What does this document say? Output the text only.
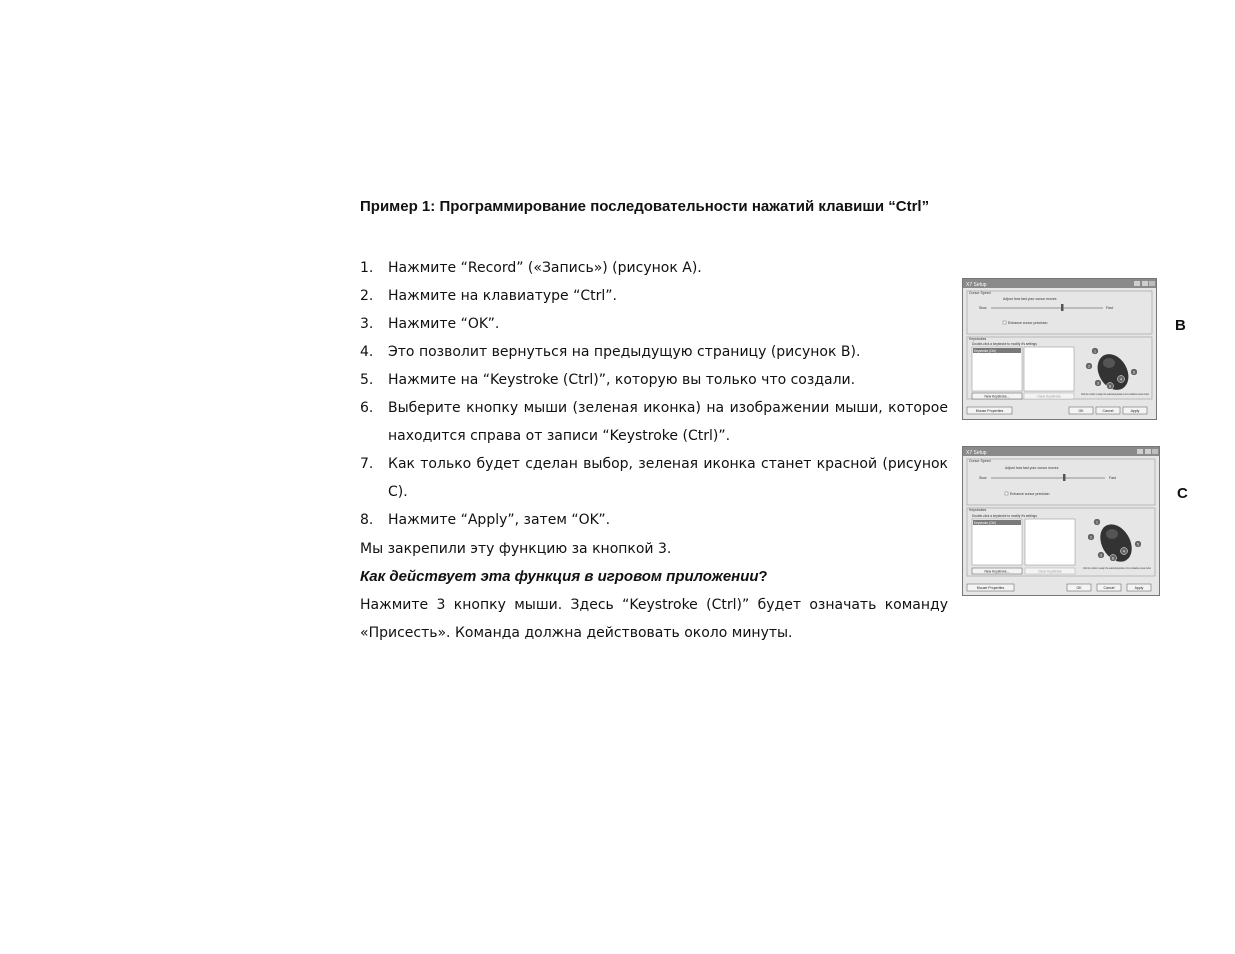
Пример 1: Программирование последовательности нажатий клавиши “Ctrl”
1.	Нажмите “Record” («Запись») (рисунок A).
2.	Нажмите на клавиатуре “Ctrl”.
3.	Нажмите “OK”.
4.	Это позволит вернуться на предыдущую страницу (рисунок B).
5.	Нажмите на “Keystroke (Ctrl)”, которую вы только что создали.
6.	Выберите кнопку мыши (зеленая иконка) на изображении мыши, которое находится справа от записи “Keystroke (Ctrl)”.
7.	Как только будет сделан выбор, зеленая иконка станет красной (рисунок C).
8.	Нажмите “Apply”, затем “OK”.
Мы закрепили эту функцию за кнопкой 3.
Как действует эта функция в игровом приложении?
Нажмите 3 кнопку мыши. Здесь “Keystroke (Ctrl)” будет означать команду «Присесть». Команда должна действовать около минуты.
X7 Setup
Cursor Speed
Adjust how fast your cursor moves
Slow	Fast
Enhance cursor precision
Keystrokes
Double-click a keystroke to modify it's settings
Keystroke (Ctrl)	1
2
3
4
5
6
Click the number to assign the selected keystroke to the correlative mouse button
New Keystroke...	Clear Keystroke
Mouse Properties	OK	Cancel	Apply
B
X7 Setup
Cursor Speed
Adjust how fast your cursor moves
Slow	Fast
Enhance cursor precision
Keystrokes
Double-click a keystroke to modify it's settings
Keystroke (Ctrl)	1
2
3
4
5
6
Click the number to assign the selected keystroke to the correlative mouse button
New Keystroke...	Clear Keystroke
Mouse Properties	OK	Cancel	Apply
C
